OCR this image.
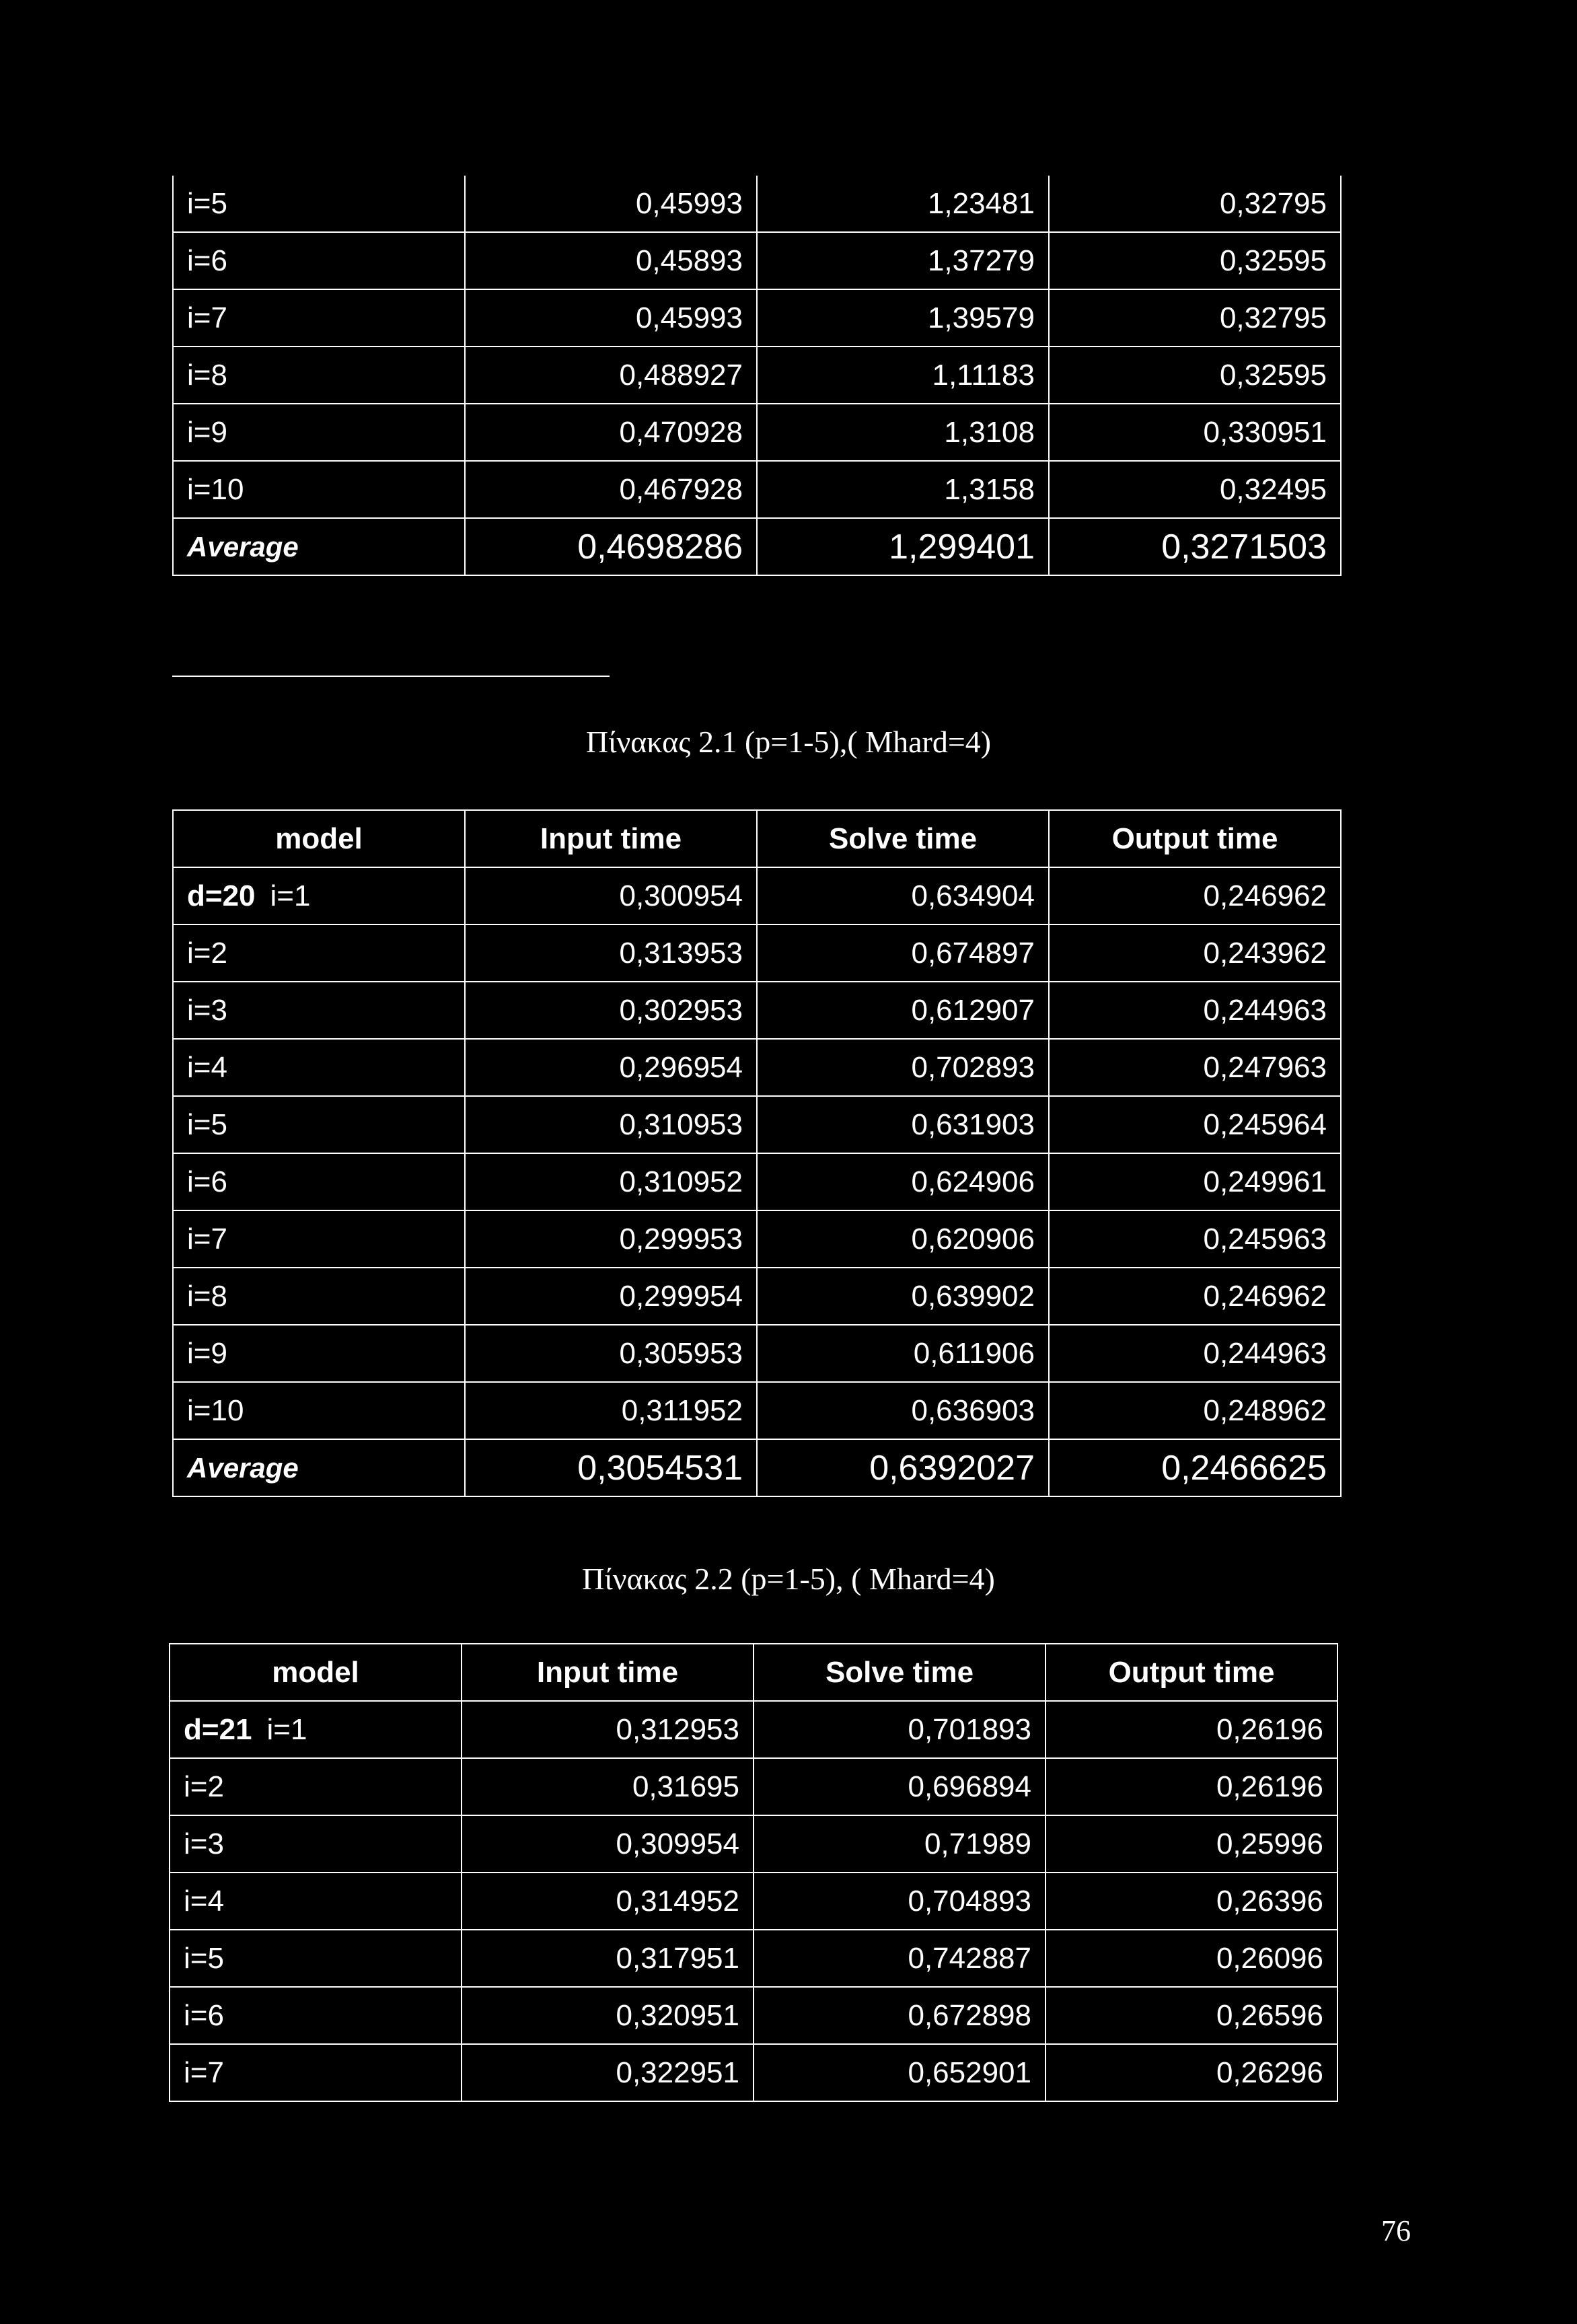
i=5	0,45993	1,23481	0,32795
i=6	0,45893	1,37279	0,32595
i=7	0,45993	1,39579	0,32795
i=8	0,488927	1,11183	0,32595
i=9	0,470928	1,3108	0,330951
i=10	0,467928	1,3158	0,32495
Average	0,4698286	1,299401	0,3271503
Πίνακας 2.1 (p=1-5),( Mhard=4)
model	Input time	Solve time	Output time
d=20 i=1	0,300954	0,634904	0,246962
i=2	0,313953	0,674897	0,243962
i=3	0,302953	0,612907	0,244963
i=4	0,296954	0,702893	0,247963
i=5	0,310953	0,631903	0,245964
i=6	0,310952	0,624906	0,249961
i=7	0,299953	0,620906	0,245963
i=8	0,299954	0,639902	0,246962
i=9	0,305953	0,611906	0,244963
i=10	0,311952	0,636903	0,248962
Average	0,3054531	0,6392027	0,2466625
Πίνακας 2.2 (p=1-5), ( Mhard=4)
model	Input time	Solve time	Output time
d=21 i=1	0,312953	0,701893	0,26196
i=2	0,31695	0,696894	0,26196
i=3	0,309954	0,71989	0,25996
i=4	0,314952	0,704893	0,26396
i=5	0,317951	0,742887	0,26096
i=6	0,320951	0,672898	0,26596
i=7	0,322951	0,652901	0,26296
76
